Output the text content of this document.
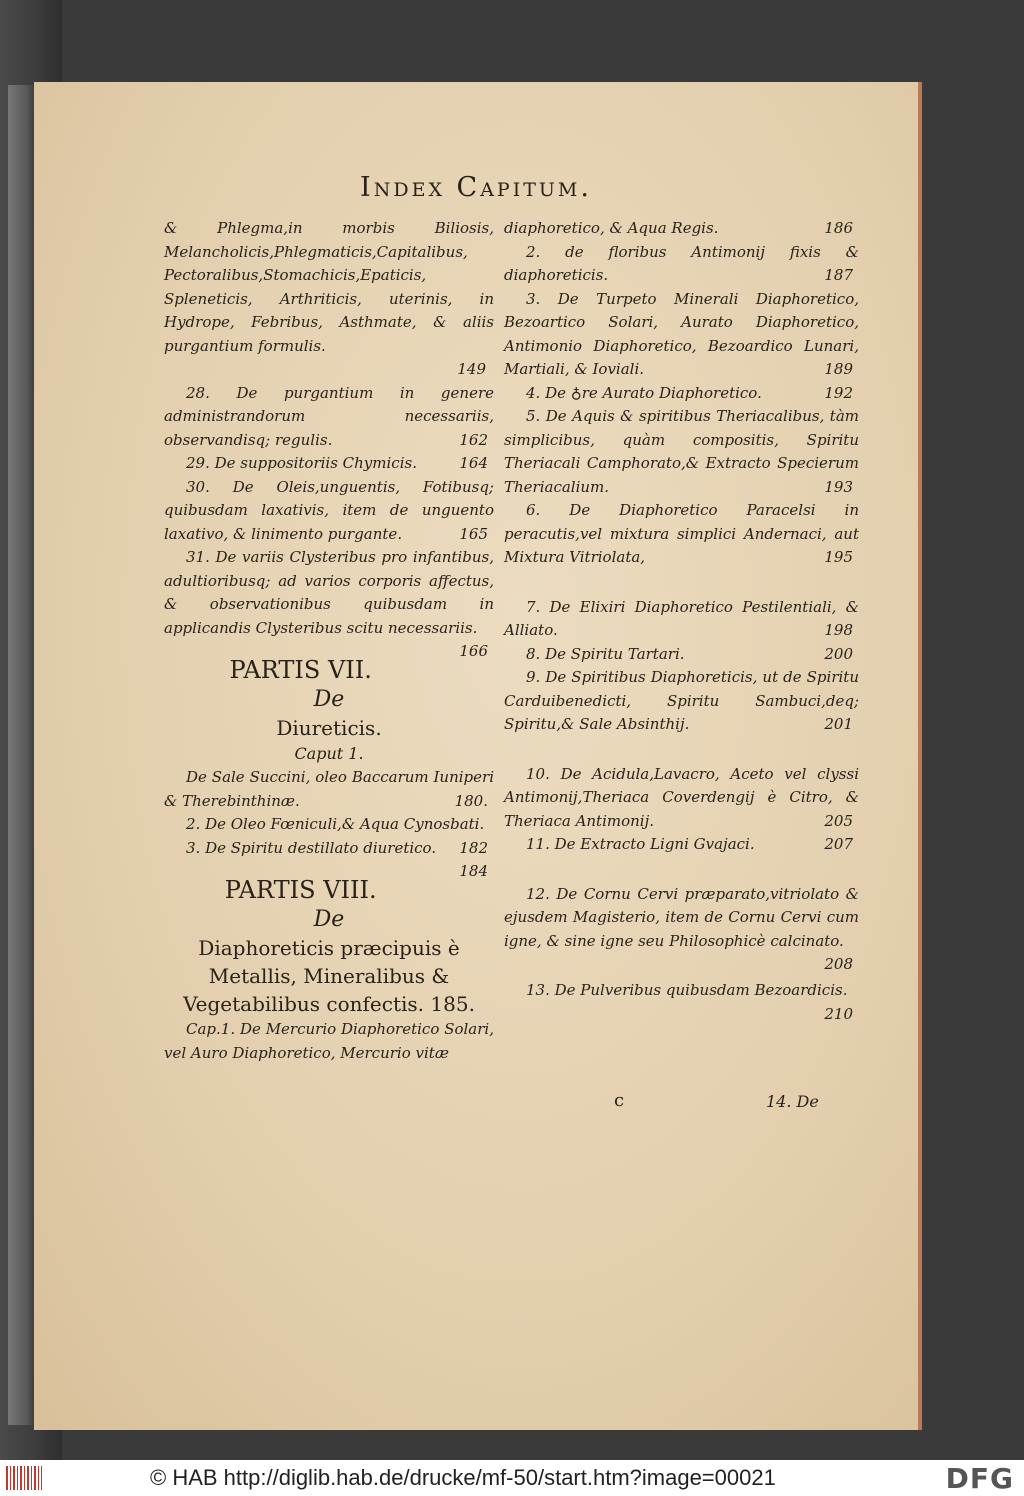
Index Capitum.
& Phlegma,in morbis Biliosis, Melancholicis,Phlegmaticis,Capitalibus, Pectoralibus,Stomachicis,Epaticis, Spleneticis, Arthriticis, uterinis, in Hydrope, Febribus, Asthmate, & aliis purgantium formulis.
149
28. De purgantium in genere administrandorum necessariis, observandisq; regulis.	162
29. De suppositoriis Chymicis.	164
30. De Oleis,unguentis, Fotibusq; quibusdam laxativis, item de unguento laxativo, & linimento purgante.	165
31. De variis Clysteribus pro infantibus, adultioribusq; ad varios corporis affectus, & observationibus quibusdam in applicandis Clysteribus scitu necessariis.
166
PARTIS VII.
De
Diureticis.
Caput 1.
De Sale Succini, oleo Baccarum Iuniperi & Therebinthinæ.	180.
2. De Oleo Fœniculi,& Aqua Cynosbati.
182
3. De Spiritu destillato diuretico.
184
PARTIS VIII.
De
Diaphoreticis præcipuis è Metallis, Mineralibus & Vegetabilibus confectis. 185.
Cap.1. De Mercurio Diaphoretico Solari, vel Auro Diaphoretico, Mercurio vitæ
diaphoretico, & Aqua Regis.	186
2. de floribus Antimonij fixis & diaphoreticis.	187
3. De Turpeto Minerali Diaphoretico, Bezoartico Solari, Aurato Diaphoretico, Antimonio Diaphoretico, Bezoardico Lunari, Martiali, & Ioviali.	189
4. De ♁re Aurato Diaphoretico.	192
5. De Aquis & spiritibus Theriacalibus, tàm simplicibus, quàm compositis, Spiritu Theriacali Camphorato,& Extracto Specierum Theriacalium.	193
6. De Diaphoretico Paracelsi in peracutis,vel mixtura simplici Andernaci, aut Mixtura Vitriolata,	195
7. De Elixiri Diaphoretico Pestilentiali, & Alliato.	198
8. De Spiritu Tartari.	200
9. De Spiritibus Diaphoreticis, ut de Spiritu Carduibenedicti, Spiritu Sambuci,deq; Spiritu,& Sale Absinthij.	201
10. De Acidula,Lavacro, Aceto vel clyssi Antimonij,Theriaca Coverdengij è Citro, & Theriaca Antimonij.	205
11. De Extracto Ligni Gvajaci.	207
12. De Cornu Cervi præparato,vitriolato & ejusdem Magisterio, item de Cornu Cervi cum igne, & sine igne seu Philosophicè calcinato.
208
13. De Pulveribus quibusdam Bezoardicis.
210
c	14. De
© HAB http://diglib.hab.de/drucke/mf-50/start.htm?image=00021	DFG
